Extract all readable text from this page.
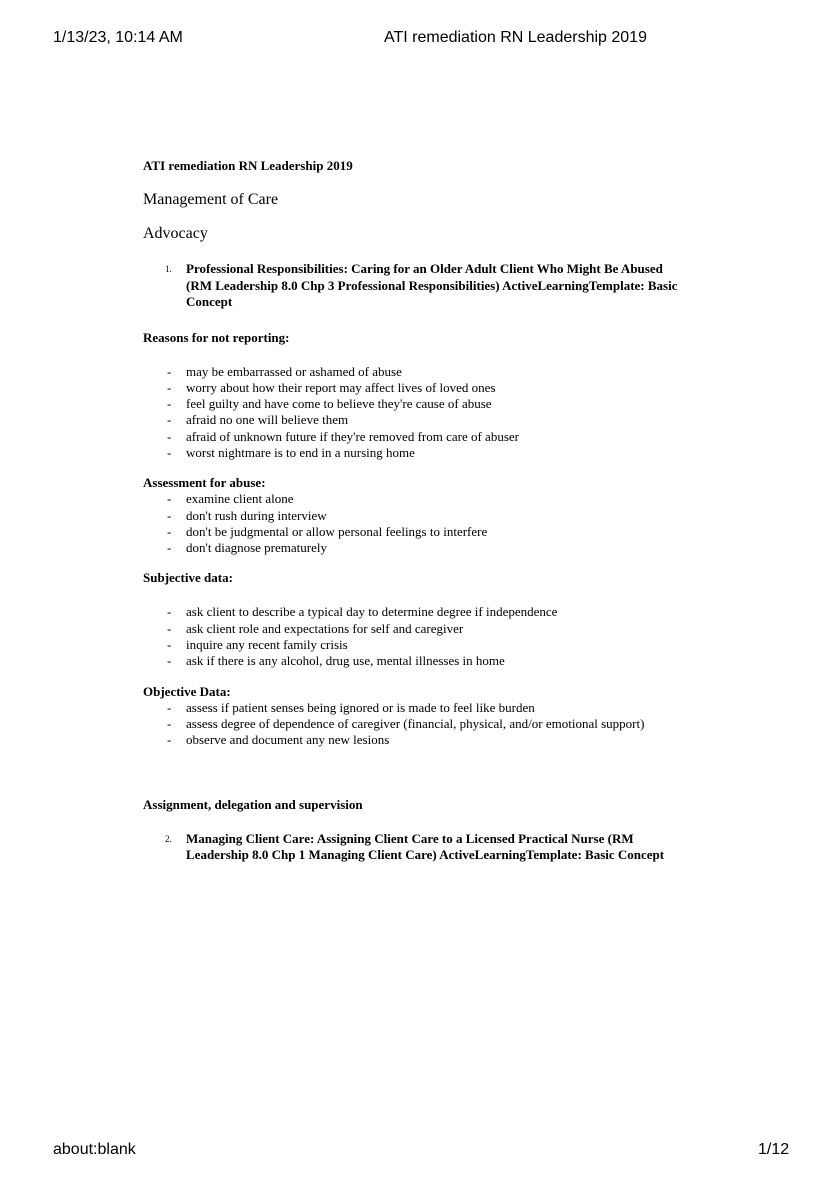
1/13/23, 10:14 AM	ATI remediation RN Leadership 2019
ATI remediation RN Leadership 2019
Management of Care
Advocacy
1.	Professional Responsibilities: Caring for an Older Adult Client Who Might Be Abused (RM Leadership 8.0 Chp 3 Professional Responsibilities) ActiveLearningTemplate: Basic Concept
Reasons for not reporting:
-	may be embarrassed or ashamed of abuse
-	worry about how their report may affect lives of loved ones
-	feel guilty and have come to believe they're cause of abuse
-	afraid no one will believe them
-	afraid of unknown future if they're removed from care of abuser
-	worst nightmare is to end in a nursing home
Assessment for abuse:
-	examine client alone
-	don't rush during interview
-	don't be judgmental or allow personal feelings to interfere
-	don't diagnose prematurely
Subjective data:
-	ask client to describe a typical day to determine degree if independence
-	ask client role and expectations for self and caregiver
-	inquire any recent family crisis
-	ask if there is any alcohol, drug use, mental illnesses in home
Objective Data:
-	assess if patient senses being ignored or is made to feel like burden
-	assess degree of dependence of caregiver (financial, physical, and/or emotional support)
-	observe and document any new lesions
Assignment, delegation and supervision
2.	Managing Client Care: Assigning Client Care to a Licensed Practical Nurse (RM Leadership 8.0 Chp 1 Managing Client Care) ActiveLearningTemplate: Basic Concept
about:blank	1/12
